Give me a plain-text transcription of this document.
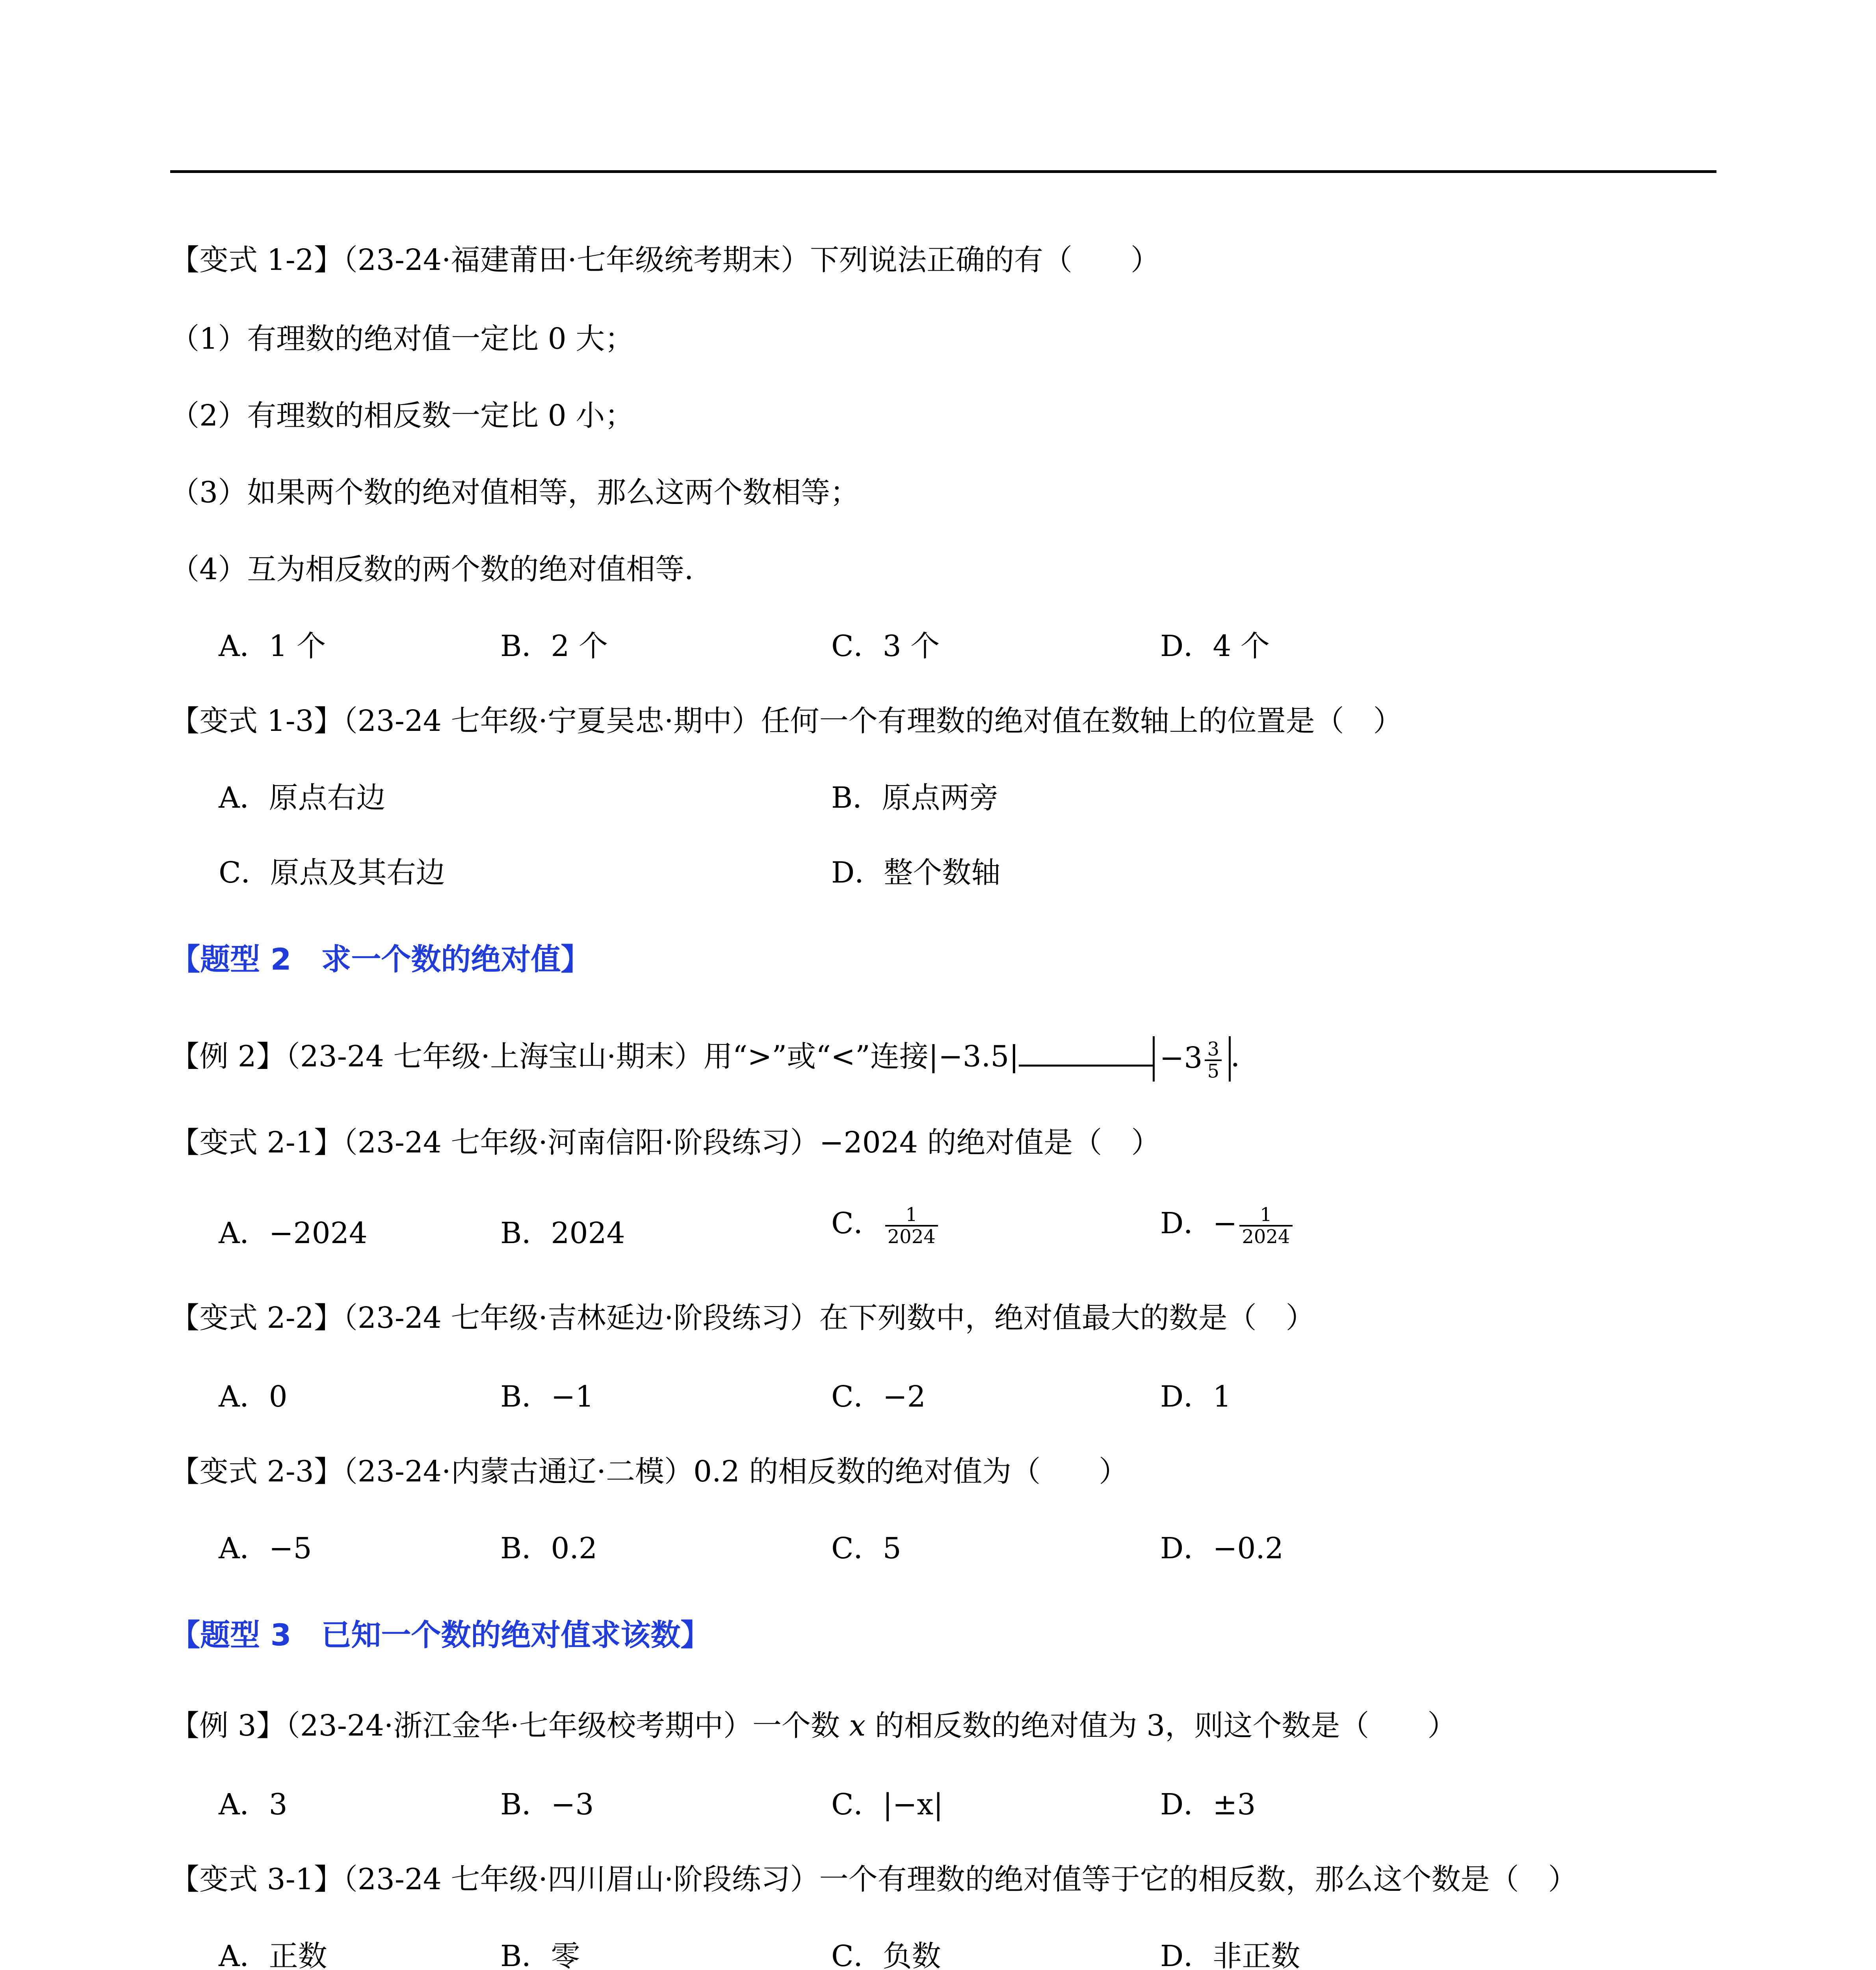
【变式 1-2】（23-24·福建莆田·七年级统考期末）下列说法正确的有（　　）
（1）有理数的绝对值一定比 0 大；
（2）有理数的相反数一定比 0 小；
（3）如果两个数的绝对值相等，那么这两个数相等；
（4）互为相反数的两个数的绝对值相等．
A．1 个	B．2 个	C．3 个	D．4 个
【变式 1-3】（23-24 七年级·宁夏吴忠·期中）任何一个有理数的绝对值在数轴上的位置是（　）
A．原点右边	B．原点两旁
C．原点及其右边	D．整个数轴
【题型 2　求一个数的绝对值】
【例 2】（23-24 七年级·上海宝山·期末）用“>”或“<”连接|−3.5|	$-3 \frac{3}{5}$ ．
【变式 2-1】（23-24 七年级·河南信阳·阶段练习）−2024 的绝对值是（　）
A．−2024	B．2024	C． $\frac{1}{2024}$	D．− $\frac{1}{2024}$
【变式 2-2】（23-24 七年级·吉林延边·阶段练习）在下列数中，绝对值最大的数是（　）
A．0	B．−1	C．−2	D．1
【变式 2-3】（23-24·内蒙古通辽·二模）0.2 的相反数的绝对值为（　　）
A．−5	B．0.2	C．5	D．−0.2
【题型 3　已知一个数的绝对值求该数】
【例 3】（23-24·浙江金华·七年级校考期中）一个数 x 的相反数的绝对值为 3，则这个数是（　　）
A．3	B．−3	C．|−x|	D．±3
【变式 3-1】（23-24 七年级·四川眉山·阶段练习）一个有理数的绝对值等于它的相反数，那么这个数是（　）
A．正数	B．零	C．负数	D．非正数
